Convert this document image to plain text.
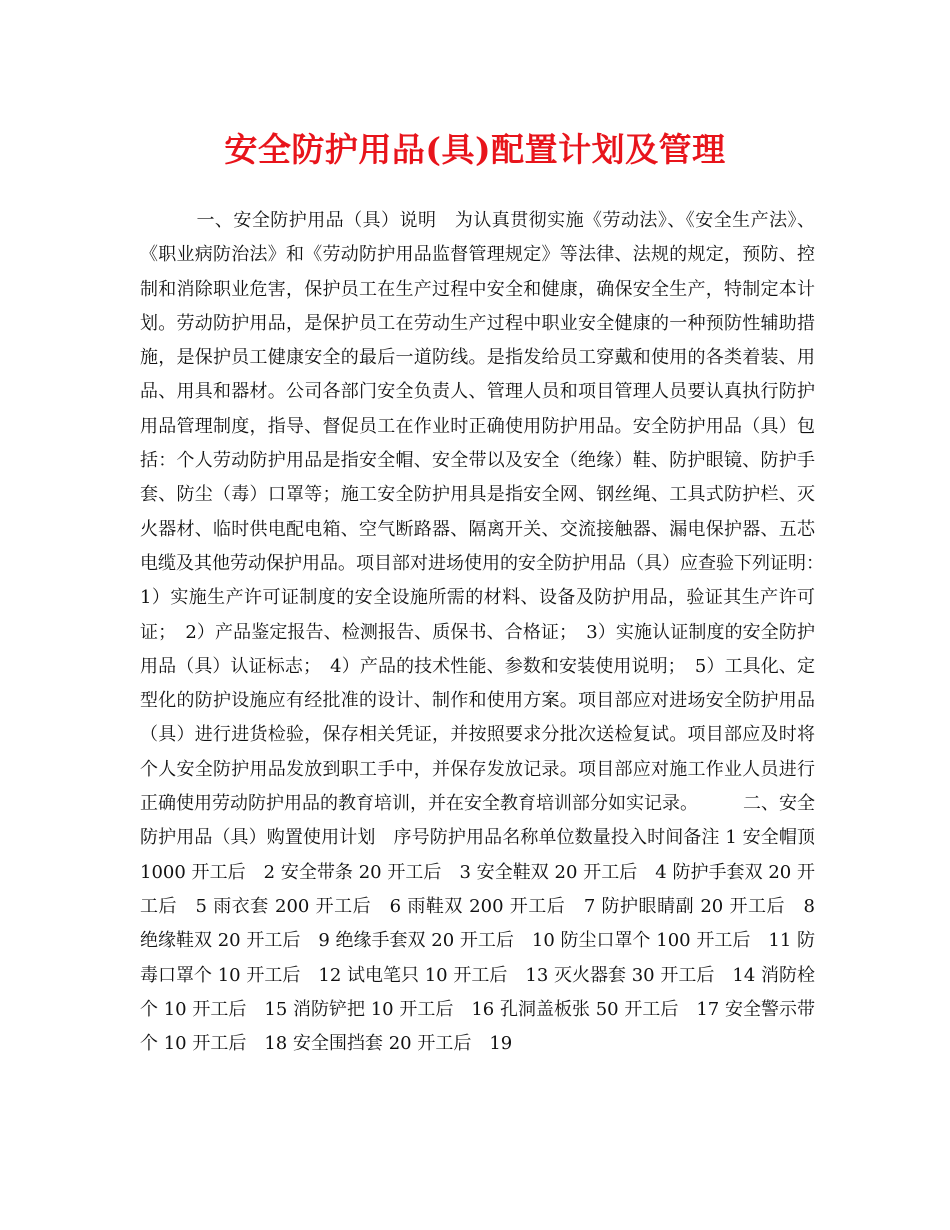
安全防护用品(具)配置计划及管理

一、安全防护用品（具）说明　为认真贯彻实施《劳动法》、《安全生产法》、《职业病防治法》和《劳动防护用品监督管理规定》等法律、法规的规定，预防、控制和消除职业危害，保护员工在生产过程中安全和健康，确保安全生产，特制定本计划。劳动防护用品，是保护员工在劳动生产过程中职业安全健康的一种预防性辅助措施，是保护员工健康安全的最后一道防线。是指发给员工穿戴和使用的各类着装、用品、用具和器材。公司各部门安全负责人、管理人员和项目管理人员要认真执行防护用品管理制度，指导、督促员工在作业时正确使用防护用品。安全防护用品（具）包括：个人劳动防护用品是指安全帽、安全带以及安全（绝缘）鞋、防护眼镜、防护手套、防尘（毒）口罩等；施工安全防护用具是指安全网、钢丝绳、工具式防护栏、灭火器材、临时供电配电箱、空气断路器、隔离开关、交流接触器、漏电保护器、五芯电缆及其他劳动保护用品。项目部对进场使用的安全防护用品（具）应查验下列证明：　1）实施生产许可证制度的安全设施所需的材料、设备及防护用品，验证其生产许可证；　2）产品鉴定报告、检测报告、质保书、合格证；　3）实施认证制度的安全防护用品（具）认证标志；　4）产品的技术性能、参数和安装使用说明；　5）工具化、定型化的防护设施应有经批准的设计、制作和使用方案。项目部应对进场安全防护用品（具）进行进货检验，保存相关凭证，并按照要求分批次送检复试。项目部应及时将个人安全防护用品发放到职工手中，并保存发放记录。项目部应对施工作业人员进行正确使用劳动防护用品的教育培训，并在安全教育培训部分如实记录。　　　二、安全防护用品（具）购置使用计划　序号防护用品名称单位数量投入时间备注 1 安全帽顶 1000 开工后　2 安全带条 20 开工后　3 安全鞋双 20 开工后　4 防护手套双 20 开工后　5 雨衣套 200 开工后　6 雨鞋双 200 开工后　7 防护眼睛副 20 开工后　8 绝缘鞋双 20 开工后　9 绝缘手套双 20 开工后　10 防尘口罩个 100 开工后　11 防毒口罩个 10 开工后　12 试电笔只 10 开工后　13 灭火器套 30 开工后　14 消防栓个 10 开工后　15 消防铲把 10 开工后　16 孔洞盖板张 50 开工后　17 安全警示带个 10 开工后　18 安全围挡套 20 开工后　19
